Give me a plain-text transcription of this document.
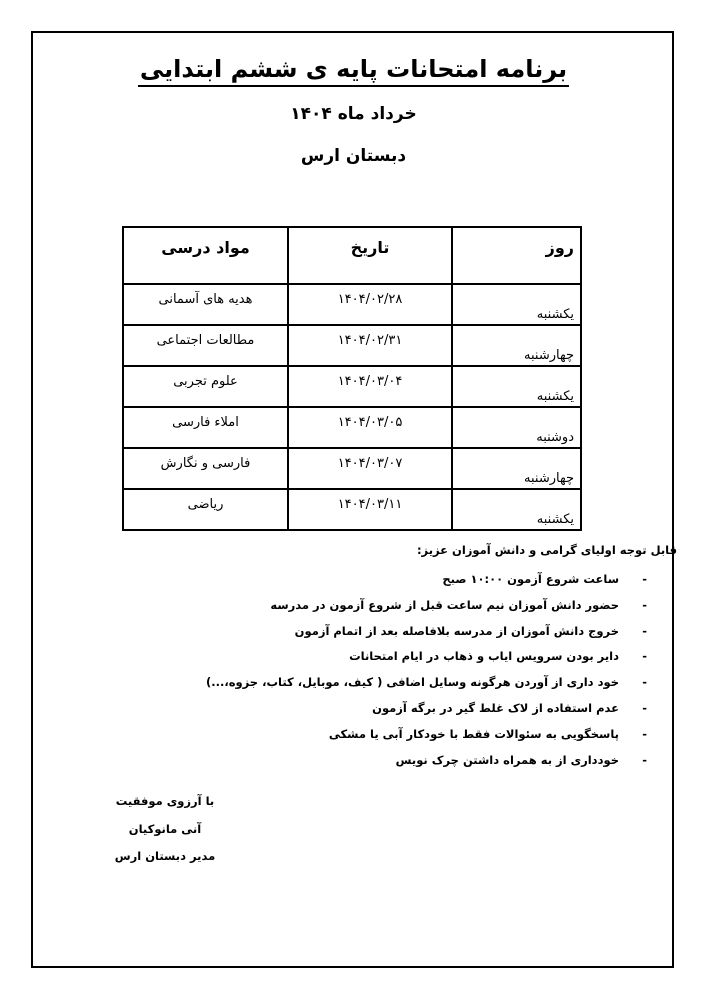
برنامه امتحانات پایه ی ششم ابتدایی
خرداد ماه ۱۴۰۴
دبستان ارس
روز	تاریخ	مواد درسی
یکشنبه	۱۴۰۴/۰۲/۲۸	هدیه های آسمانی
چهارشنبه	۱۴۰۴/۰۲/۳۱	مطالعات اجتماعی
یکشنبه	۱۴۰۴/۰۳/۰۴	علوم تجربی
دوشنبه	۱۴۰۴/۰۳/۰۵	املاء فارسی
چهارشنبه	۱۴۰۴/۰۳/۰۷	فارسی و نگارش
یکشنبه	۱۴۰۴/۰۳/۱۱	ریاضی
قابل توجه اولیای گرامی و دانش آموزان عزیز:
-
ساعت شروع آزمون ۱۰:۰۰ صبح
-
حضور دانش آموزان نیم ساعت قبل از شروع آزمون در مدرسه
-
خروج دانش آموزان از مدرسه بلافاصله بعد از اتمام آزمون
-
دایر بودن سرویس ایاب و ذهاب در ایام امتحانات
-
خود داری از آوردن هرگونه وسایل اضافی ( کیف، موبایل، کتاب، جزوه،...)
-
عدم استفاده از لاک غلط گیر در برگه آزمون
-
پاسخگویی به سئوالات فقط با خودکار آبی یا مشکی
-
خودداری از به همراه داشتن چرک نویس
با آرزوی موفقیت
آنی مانوکیان
مدیر دبستان ارس
